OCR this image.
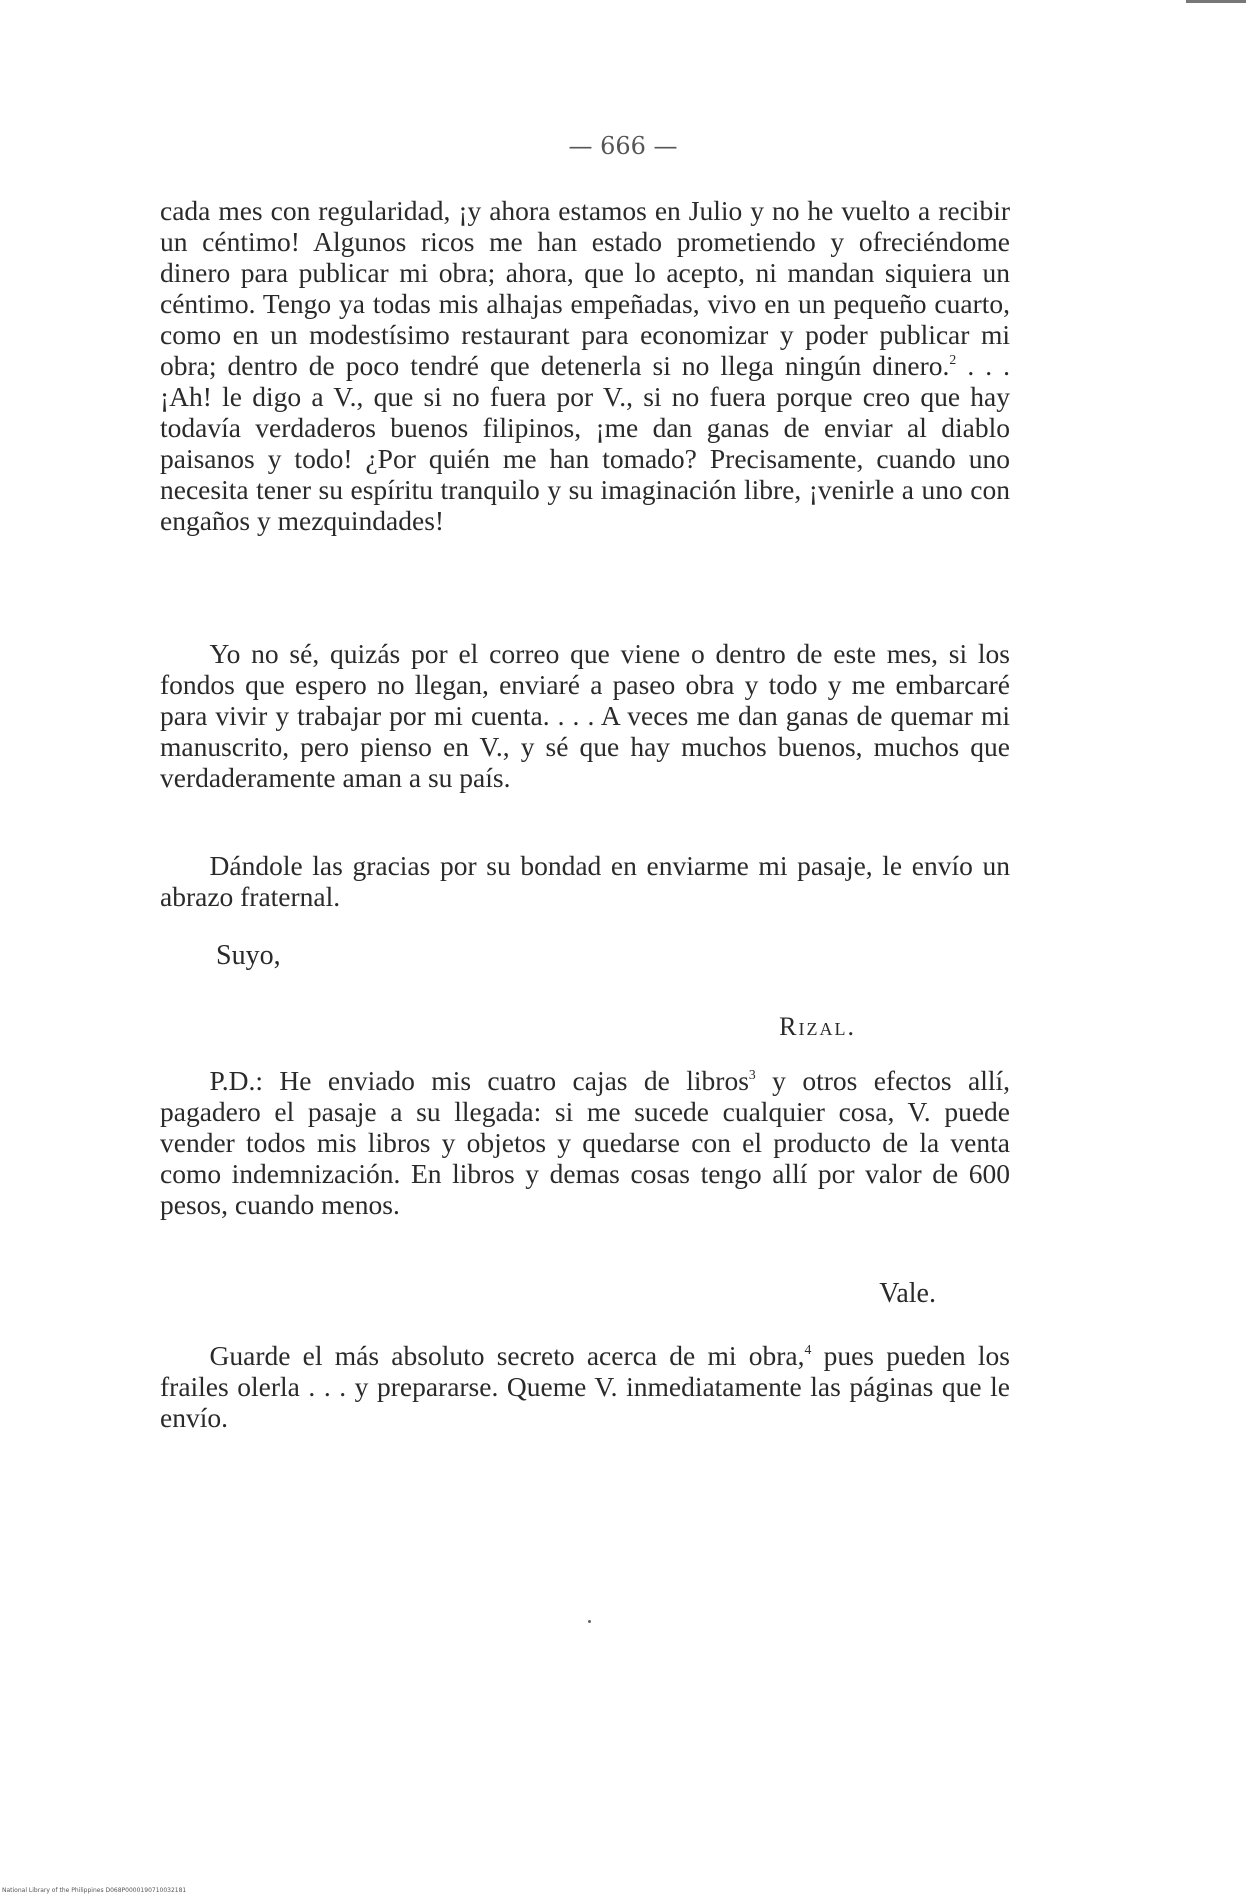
— 666 —

cada mes con regularidad, ¡y ahora estamos en Julio y no he vuelto a recibir un céntimo! Algunos ricos me han estado prometiendo y ofreciéndome dinero para publicar mi obra; ahora, que lo acepto, ni mandan siquiera un céntimo. Tengo ya todas mis alhajas empeñadas, vivo en un pequeño cuarto, como en un modestísimo restaurant para economizar y poder publicar mi obra; dentro de poco tendré que detenerla si no llega ningún dinero.$^2$ . . . ¡Ah! le digo a V., que si no fuera por V., si no fuera porque creo que hay todavía verdaderos buenos filipinos, ¡me dan ganas de enviar al diablo paisanos y todo! ¿Por quién me han tomado? Precisamente, cuando uno necesita tener su espíritu tranquilo y su imaginación libre, ¡venirle a uno con engaños y mezquindades!

Yo no sé, quizás por el correo que viene o dentro de este mes, si los fondos que espero no llegan, enviaré a paseo obra y todo y me embarcaré para vivir y trabajar por mi cuenta. . . . A veces me dan ganas de quemar mi manuscrito, pero pienso en V., y sé que hay muchos buenos, muchos que verdaderamente aman a su país.

Dándole las gracias por su bondad en enviarme mi pasaje, le envío un abrazo fraternal.

Suyo,
Rizal.

P.D.: He enviado mis cuatro cajas de libros$^3$ y otros efectos allí, pagadero el pasaje a su llegada: si me sucede cualquier cosa, V. puede vender todos mis libros y objetos y quedarse con el producto de la venta como indemnización. En libros y demas cosas tengo allí por valor de 600 pesos, cuando menos.

Vale.

Guarde el más absoluto secreto acerca de mi obra,$^4$ pues pueden los frailes olerla . . . y prepararse. Queme V. inmediatamente las páginas que le envío.

National Library of the Philippines D068P0000190710032181
